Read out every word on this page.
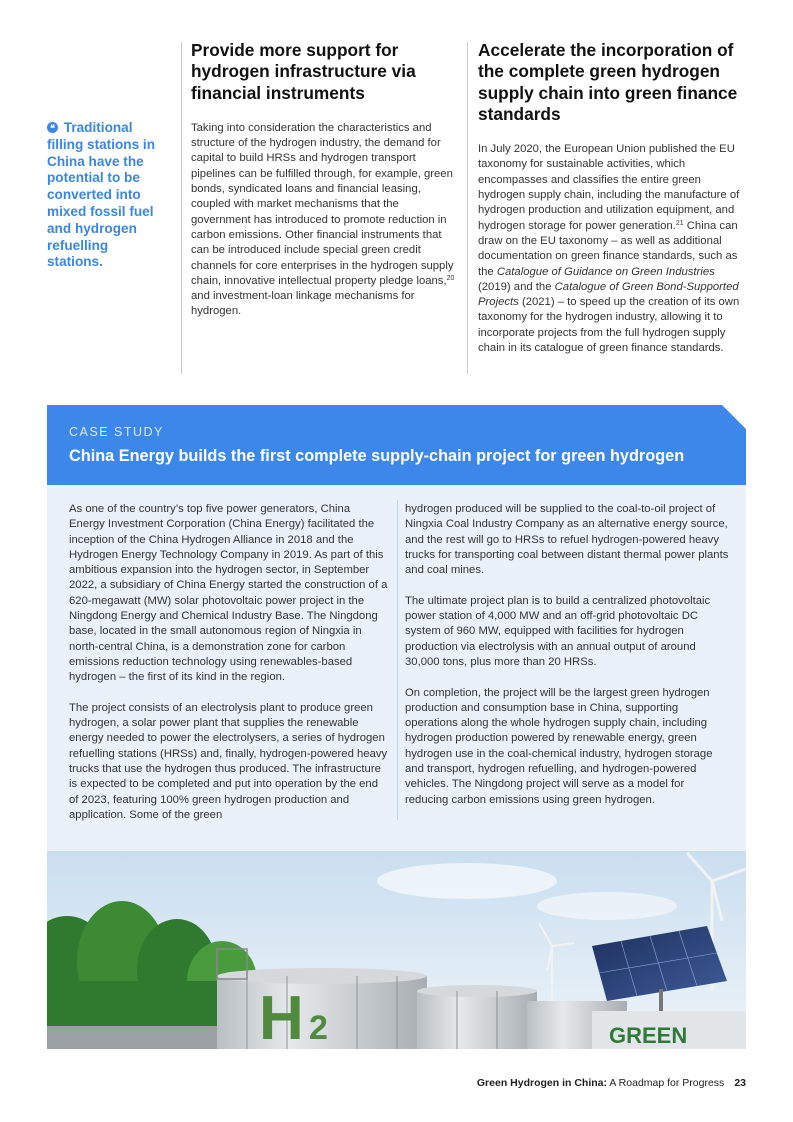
❝ Traditional filling stations in China have the potential to be converted into mixed fossil fuel and hydrogen refuelling stations.
Provide more support for hydrogen infrastructure via financial instruments

Taking into consideration the characteristics and structure of the hydrogen industry, the demand for capital to build HRSs and hydrogen transport pipelines can be fulfilled through, for example, green bonds, syndicated loans and financial leasing, coupled with market mechanisms that the government has introduced to promote reduction in carbon emissions. Other financial instruments that can be introduced include special green credit channels for core enterprises in the hydrogen supply chain, innovative intellectual property pledge loans,$^{20}$ and investment-loan linkage mechanisms for hydrogen.

Accelerate the incorporation of the complete green hydrogen supply chain into green finance standards

In July 2020, the European Union published the EU taxonomy for sustainable activities, which encompasses and classifies the entire green hydrogen supply chain, including the manufacture of hydrogen production and utilization equipment, and hydrogen storage for power generation.$^{21}$ China can draw on the EU taxonomy – as well as additional documentation on green finance standards, such as the Catalogue of Guidance on Green Industries (2019) and the Catalogue of Green Bond-Supported Projects (2021) – to speed up the creation of its own taxonomy for the hydrogen industry, allowing it to incorporate projects from the full hydrogen supply chain in its catalogue of green finance standards.

CASE STUDY
China Energy builds the first complete supply-chain project for green hydrogen

As one of the country’s top five power generators, China Energy Investment Corporation (China Energy) facilitated the inception of the China Hydrogen Alliance in 2018 and the Hydrogen Energy Technology Company in 2019. As part of this ambitious expansion into the hydrogen sector, in September 2022, a subsidiary of China Energy started the construction of a 620-megawatt (MW) solar photovoltaic power project in the Ningdong Energy and Chemical Industry Base. The Ningdong base, located in the small autonomous region of Ningxia in north-central China, is a demonstration zone for carbon emissions reduction technology using renewables-based hydrogen – the first of its kind in the region.

The project consists of an electrolysis plant to produce green hydrogen, a solar power plant that supplies the renewable energy needed to power the electrolysers, a series of hydrogen refuelling stations (HRSs) and, finally, hydrogen-powered heavy trucks that use the hydrogen thus produced. The infrastructure is expected to be completed and put into operation by the end of 2023, featuring 100% green hydrogen production and application. Some of the green

hydrogen produced will be supplied to the coal-to-oil project of Ningxia Coal Industry Company as an alternative energy source, and the rest will go to HRSs to refuel hydrogen-powered heavy trucks for transporting coal between distant thermal power plants and coal mines.

The ultimate project plan is to build a centralized photovoltaic power station of 4,000 MW and an off-grid photovoltaic DC system of 960 MW, equipped with facilities for hydrogen production via electrolysis with an annual output of around 30,000 tons, plus more than 20 HRSs.

On completion, the project will be the largest green hydrogen production and consumption base in China, supporting operations along the whole hydrogen supply chain, including hydrogen production powered by renewable energy, green hydrogen use in the coal-chemical industry, hydrogen storage and transport, hydrogen refuelling, and hydrogen-powered vehicles. The Ningdong project will serve as a model for reducing carbon emissions using green hydrogen.

GREEN
H 2
Green Hydrogen in China: A Roadmap for Progress 23
